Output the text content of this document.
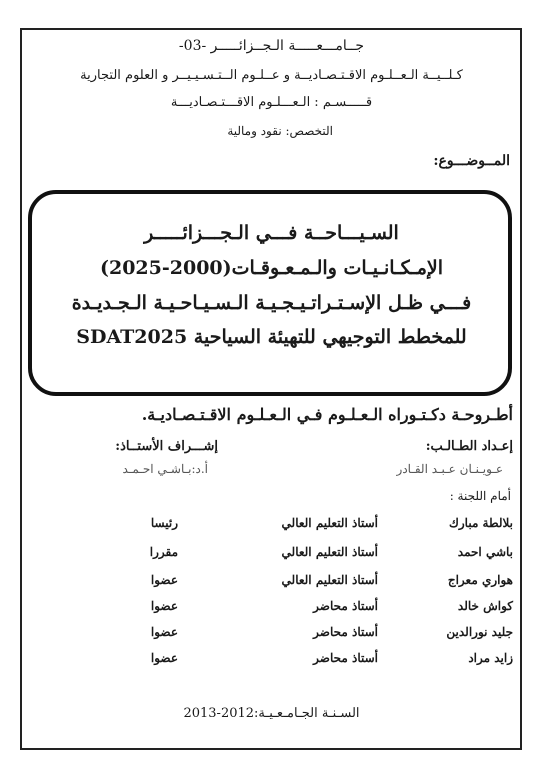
ﺟــﺎﻣـــﻌـــــﺔ ﺍﻟـﺠــﺰﺍﺋـــــﺮ -03-
كـلــيــة الـعــلـوم الاقـتـصـاديــة و عــلـوم الــتـسـيـيــر و العلوم التجارية
قـــــسـم : الـعـــلـوم الاقـــتـصـاديـــة
التخصص: نقود ومالية
المــوضـــوع:
السـيـــاحــة فـــي الـجـــزائـــــر
الإمـكـانـيـات والـمـعـوقـات(2000-2025)
فـــي ظـل الإسـتـراتـيـجـيـة الـسـيـاحـيـة الـجـديـدة
للمخطط التوجيهي للتهيئة السياحية SDAT2025
أطـروحـة دكـتـوراه الـعـلـوم فـي الـعـلـوم الاقـتـصـاديـة.
إعـداد الطـالـب:
إشـــراف الأستــاذ:
عـويـنـان عـبـد القـادر
أ.د:بـاشـي احـمـد
أمام اللجنة :
بلالطة مبارك
أستاذ التعليم العالي
رئيسا
باشي احمد
أستاذ التعليم العالي
مقررا
هواري معراج
أستاذ التعليم العالي
عضوا
كواش خالد
أستاذ محاضر
عضوا
جليد نورالدين
أستاذ محاضر
عضوا
زايد مراد
أستاذ محاضر
عضوا
السـنـة الجـامـعـيـة:2012-2013
